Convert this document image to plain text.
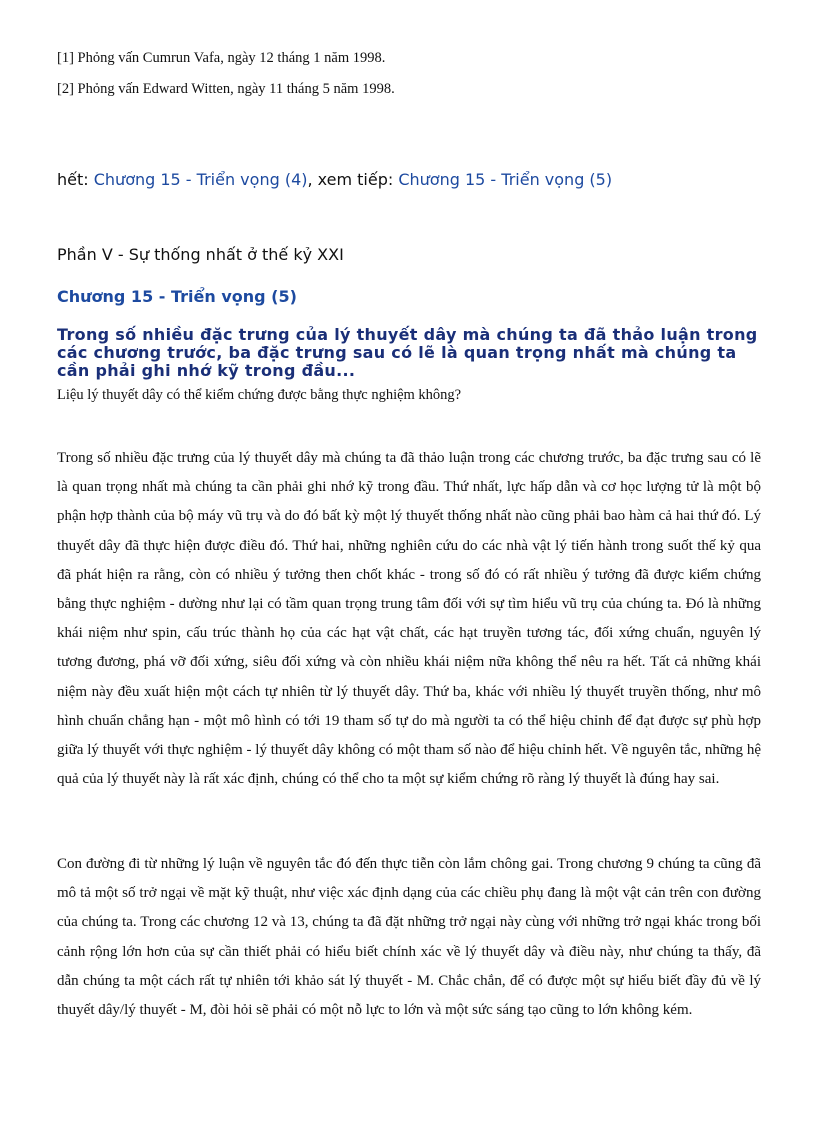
[1] Phỏng vấn Cumrun Vafa, ngày 12 tháng 1 năm 1998.
[2] Phỏng vấn Edward Witten, ngày 11 tháng 5 năm 1998.
hết: Chương 15 - Triển vọng (4), xem tiếp: Chương 15 - Triển vọng (5)
Phần V - Sự thống nhất ở thế kỷ XXI
Chương 15 - Triển vọng (5)
Trong số nhiều đặc trưng của lý thuyết dây mà chúng ta đã thảo luận trong các chương trước, ba đặc trưng sau có lẽ là quan trọng nhất mà chúng ta cần phải ghi nhớ kỹ trong đầu...
Liệu lý thuyết dây có thể kiểm chứng được bằng thực nghiệm không?
Trong số nhiều đặc trưng của lý thuyết dây mà chúng ta đã thảo luận trong các chương trước, ba đặc trưng sau có lẽ là quan trọng nhất mà chúng ta cần phải ghi nhớ kỹ trong đầu. Thứ nhất, lực hấp dẫn và cơ học lượng tử là một bộ phận hợp thành của bộ máy vũ trụ và do đó bất kỳ một lý thuyết thống nhất nào cũng phải bao hàm cả hai thứ đó. Lý thuyết dây đã thực hiện được điều đó. Thứ hai, những nghiên cứu do các nhà vật lý tiến hành trong suốt thế kỷ qua đã phát hiện ra rằng, còn có nhiều ý tưởng then chốt khác - trong số đó có rất nhiều ý tưởng đã được kiểm chứng bằng thực nghiệm - dường như lại có tầm quan trọng trung tâm đối với sự tìm hiểu vũ trụ của chúng ta. Đó là những khái niệm như spin, cấu trúc thành họ của các hạt vật chất, các hạt truyền tương tác, đối xứng chuẩn, nguyên lý tương đương, phá vỡ đối xứng, siêu đối xứng và còn nhiều khái niệm nữa không thể nêu ra hết. Tất cả những khái niệm này đều xuất hiện một cách tự nhiên từ lý thuyết dây. Thứ ba, khác với nhiều lý thuyết truyền thống, như mô hình chuẩn chẳng hạn - một mô hình có tới 19 tham số tự do mà người ta có thể hiệu chỉnh để đạt được sự phù hợp giữa lý thuyết với thực nghiệm - lý thuyết dây không có một tham số nào để hiệu chỉnh hết. Về nguyên tắc, những hệ quả của lý thuyết này là rất xác định, chúng có thể cho ta một sự kiểm chứng rõ ràng lý thuyết là đúng hay sai.
Con đường đi từ những lý luận về nguyên tắc đó đến thực tiễn còn lắm chông gai. Trong chương 9 chúng ta cũng đã mô tả một số trở ngại về mặt kỹ thuật, như việc xác định dạng của các chiều phụ đang là một vật cản trên con đường của chúng ta. Trong các chương 12 và 13, chúng ta đã đặt những trở ngại này cùng với những trở ngại khác trong bối cảnh rộng lớn hơn của sự cần thiết phải có hiểu biết chính xác về lý thuyết dây và điều này, như chúng ta thấy, đã dẫn chúng ta một cách rất tự nhiên tới khảo sát lý thuyết - M. Chắc chắn, để có được một sự hiểu biết đầy đủ về lý thuyết dây/lý thuyết - M, đòi hỏi sẽ phải có một nỗ lực to lớn và một sức sáng tạo cũng to lớn không kém.
